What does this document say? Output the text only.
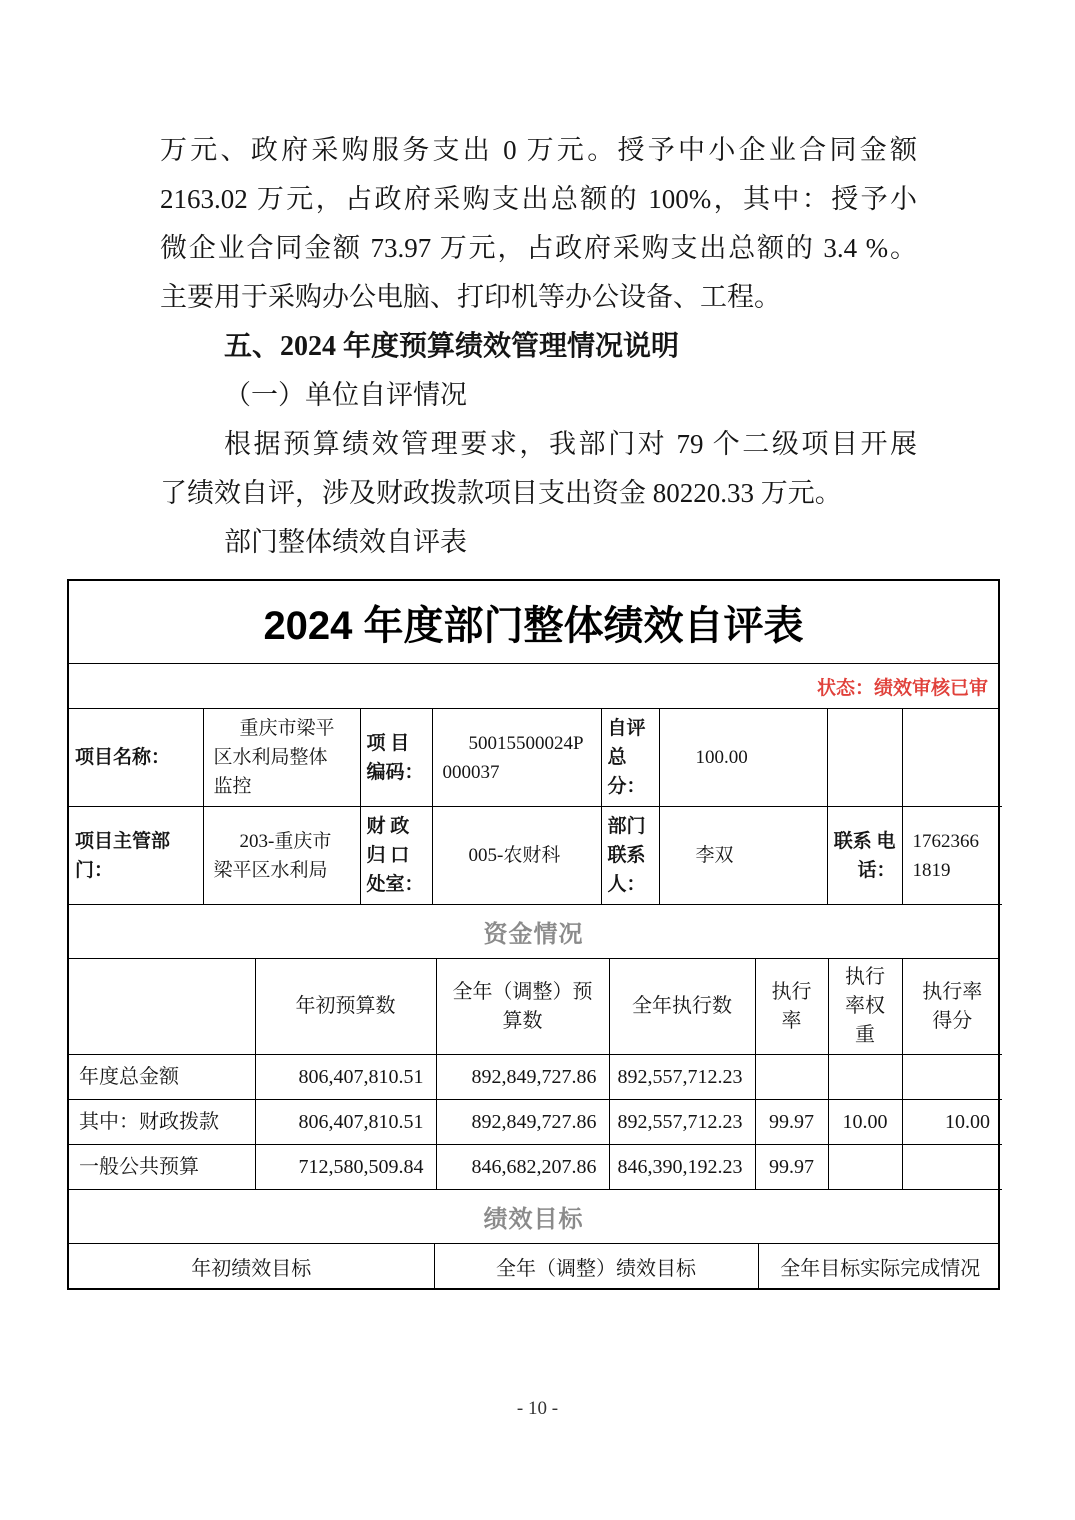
万元、政府采购服务支出 0 万元。授予中小企业合同金额
2163.02 万元，占政府采购支出总额的 100%，其中：授予小
微企业合同金额 73.97 万元，占政府采购支出总额的 3.4 %。
主要用于采购办公电脑、打印机等办公设备、工程。
五、2024 年度预算绩效管理情况说明
（一）单位自评情况
根据预算绩效管理要求，我部门对 79 个二级项目开展
了绩效自评，涉及财政拨款项目支出资金 80220.33 万元。
部门整体绩效自评表
2024 年度部门整体绩效自评表
状态：绩效审核已审
项目名称：	重庆市梁平区水利局整体监控	项 目 编码：	50015500024P000037	自评总分：	100.00		
项目主管部门：	203-重庆市梁平区水利局	财 政 归 口 处室：	005-农财科	部门联系人：	李双	联系 电话：	17623661819
资金情况
	年初预算数	全年（调整）预算数	全年执行数	执行率	执行率权重	执行率得分
年度总金额	806,407,810.51	892,849,727.86	892,557,712.23			
其中：财政拨款	806,407,810.51	892,849,727.86	892,557,712.23	99.97	10.00	10.00
一般公共预算	712,580,509.84	846,682,207.86	846,390,192.23	99.97		
绩效目标
年初绩效目标	全年（调整）绩效目标	全年目标实际完成情况
- 10 -
